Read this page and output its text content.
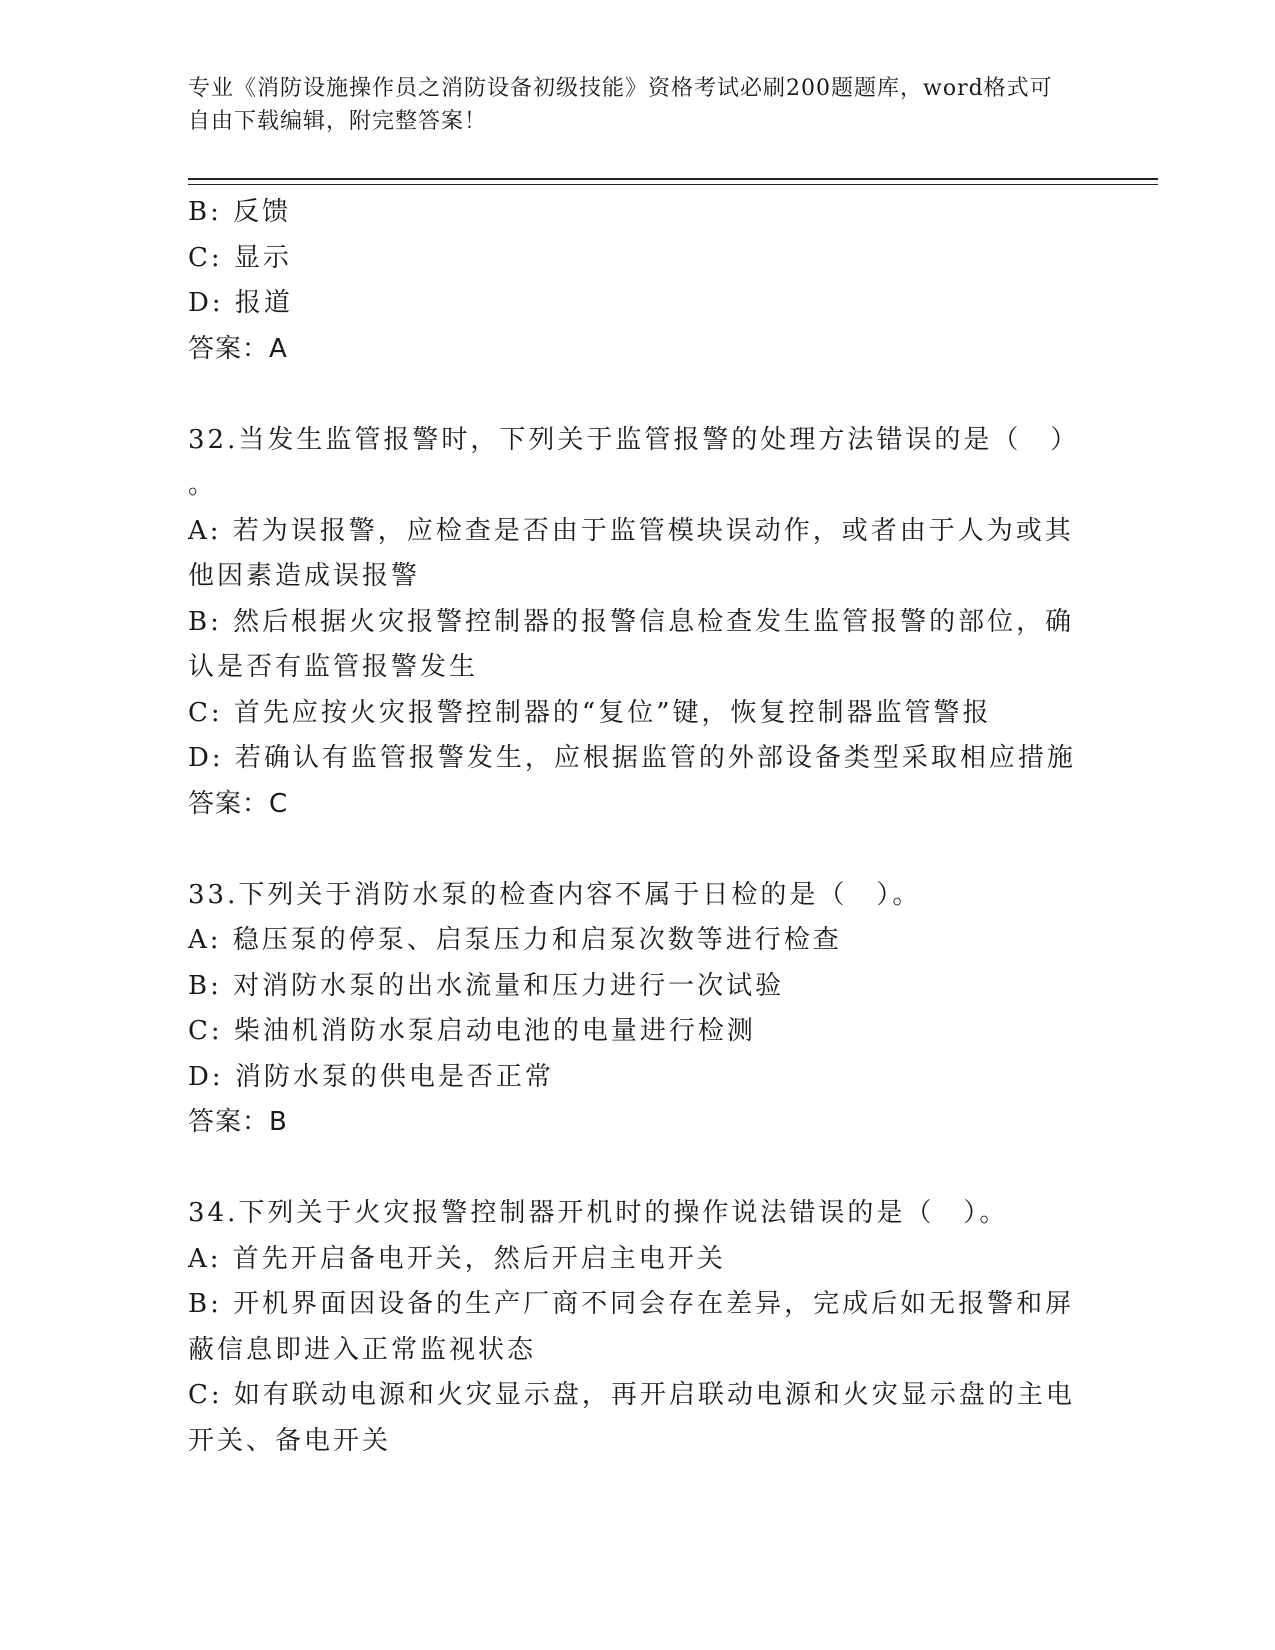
专业《消防设施操作员之消防设备初级技能》资格考试必刷200题题库，word格式可自由下载编辑，附完整答案！
B: 反馈
C: 显示
D: 报道
答案：A
32.当发生监管报警时，下列关于监管报警的处理方法错误的是（　）
。
A: 若为误报警，应检查是否由于监管模块误动作，或者由于人为或其
他因素造成误报警
B: 然后根据火灾报警控制器的报警信息检查发生监管报警的部位，确
认是否有监管报警发生
C: 首先应按火灾报警控制器的“复位”键，恢复控制器监管警报
D: 若确认有监管报警发生，应根据监管的外部设备类型采取相应措施
答案：C
33.下列关于消防水泵的检查内容不属于日检的是（　）。
A: 稳压泵的停泵、启泵压力和启泵次数等进行检查
B: 对消防水泵的出水流量和压力进行一次试验
C: 柴油机消防水泵启动电池的电量进行检测
D: 消防水泵的供电是否正常
答案：B
34.下列关于火灾报警控制器开机时的操作说法错误的是（　）。
A: 首先开启备电开关，然后开启主电开关
B: 开机界面因设备的生产厂商不同会存在差异，完成后如无报警和屏
蔽信息即进入正常监视状态
C: 如有联动电源和火灾显示盘，再开启联动电源和火灾显示盘的主电
开关、备电开关
